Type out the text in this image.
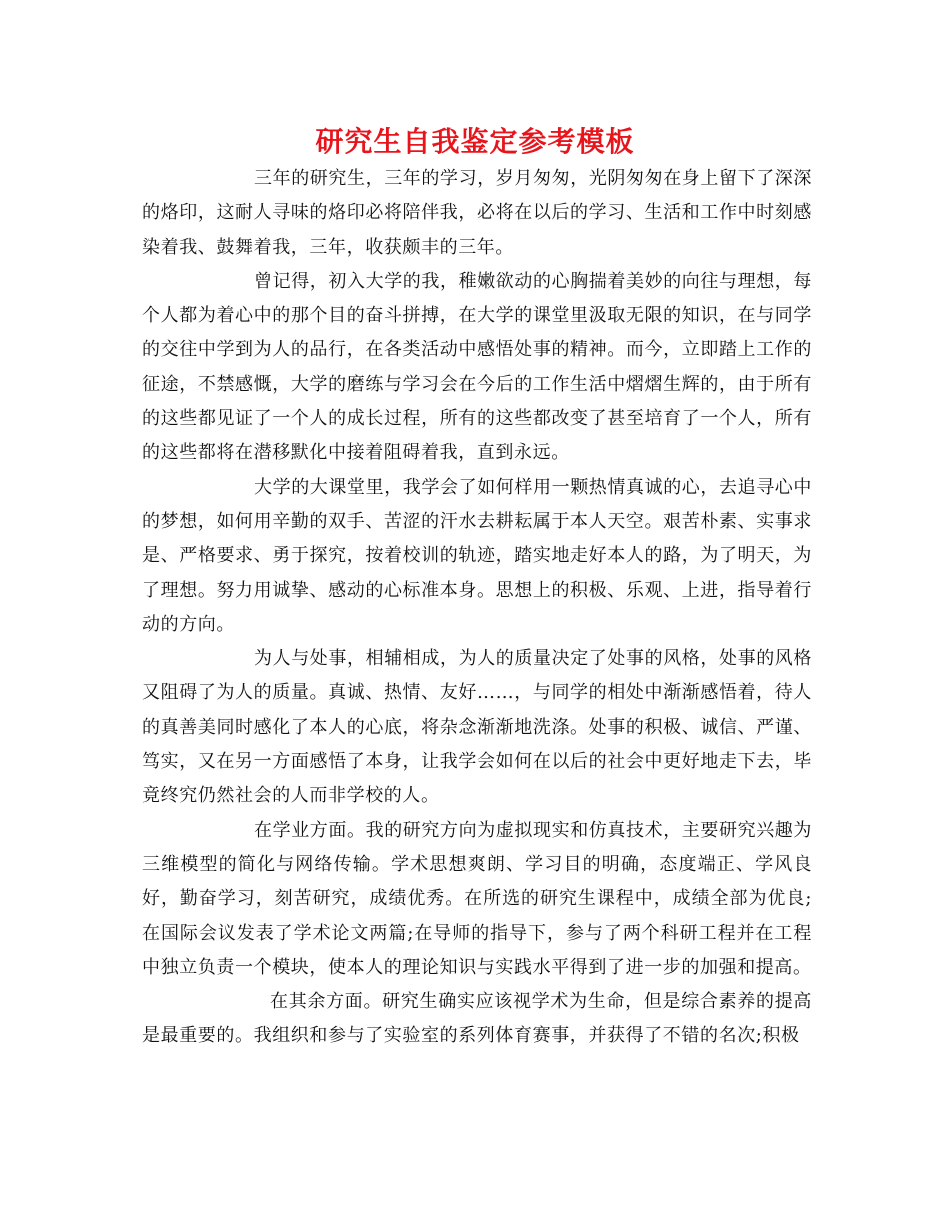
研究生自我鉴定参考模板

三年的研究生，三年的学习，岁月匆匆，光阴匆匆在身上留下了深深的烙印，这耐人寻味的烙印必将陪伴我，必将在以后的学习、生活和工作中时刻感染着我、鼓舞着我，三年，收获颇丰的三年。

曾记得，初入大学的我，稚嫩欲动的心胸揣着美妙的向往与理想，每个人都为着心中的那个目的奋斗拼搏，在大学的课堂里汲取无限的知识，在与同学的交往中学到为人的品行，在各类活动中感悟处事的精神。而今，立即踏上工作的征途，不禁感慨，大学的磨练与学习会在今后的工作生活中熠熠生辉的，由于所有的这些都见证了一个人的成长过程，所有的这些都改变了甚至培育了一个人，所有的这些都将在潜移默化中接着阻碍着我，直到永远。

大学的大课堂里，我学会了如何样用一颗热情真诚的心，去追寻心中的梦想，如何用辛勤的双手、苦涩的汗水去耕耘属于本人天空。艰苦朴素、实事求是、严格要求、勇于探究，按着校训的轨迹，踏实地走好本人的路，为了明天，为了理想。努力用诚挚、感动的心标准本身。思想上的积极、乐观、上进，指导着行动的方向。

为人与处事，相辅相成，为人的质量决定了处事的风格，处事的风格又阻碍了为人的质量。真诚、热情、友好……，与同学的相处中渐渐感悟着，待人的真善美同时感化了本人的心底，将杂念渐渐地洗涤。处事的积极、诚信、严谨、笃实，又在另一方面感悟了本身，让我学会如何在以后的社会中更好地走下去，毕竟终究仍然社会的人而非学校的人。

在学业方面。我的研究方向为虚拟现实和仿真技术，主要研究兴趣为三维模型的简化与网络传输。学术思想爽朗、学习目的明确，态度端正、学风良好，勤奋学习，刻苦研究，成绩优秀。在所选的研究生课程中，成绩全部为优良;在国际会议发表了学术论文两篇;在导师的指导下，参与了两个科研工程并在工程中独立负责一个模块，使本人的理论知识与实践水平得到了进一步的加强和提高。

在其余方面。研究生确实应该视学术为生命，但是综合素养的提高是最重要的。我组织和参与了实验室的系列体育赛事，并获得了不错的名次;积极
